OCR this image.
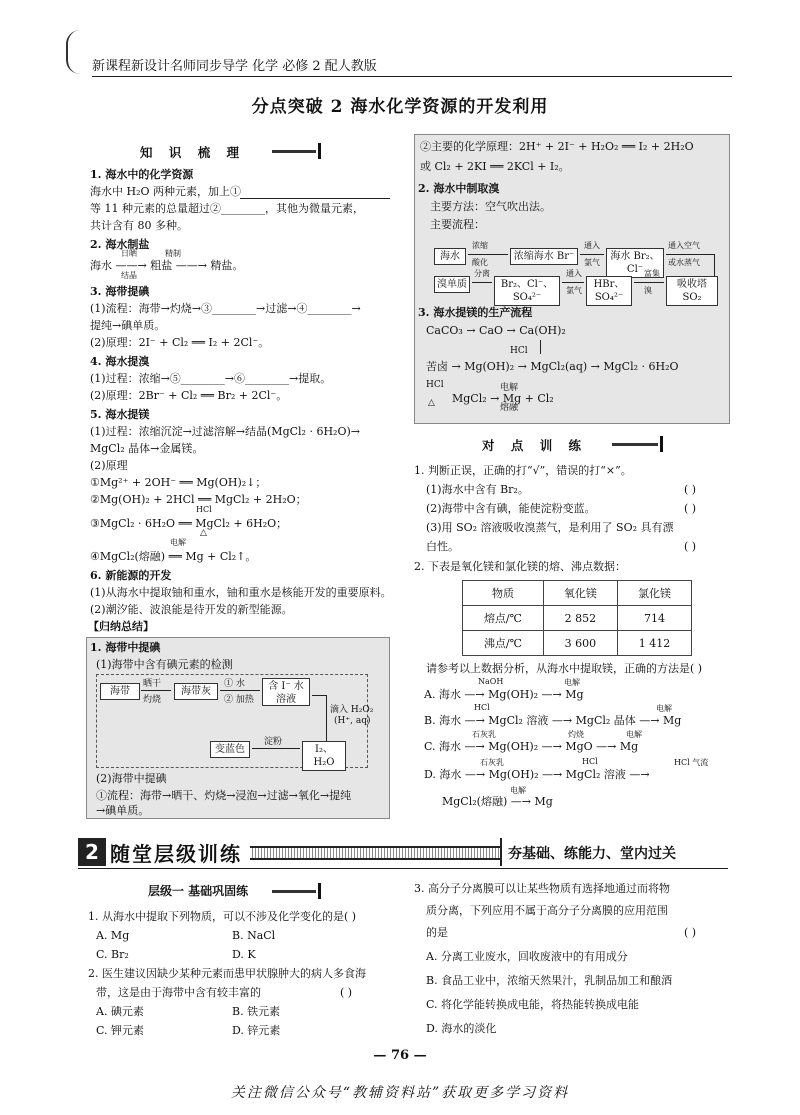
新课程新设计名师同步导学 化学 必修 2 配人教版
分点突破 2 海水化学资源的开发利用
知 识 梳 理
1. 海水中的化学资源
海水中 H₂O 两种元素，加上①
等 11 种元素的总量超过②________，其他为微量元素，
共计含有 80 多种。
2. 海水制盐
海水 ——→ 粗盐 ——→ 精盐。
日晒
结晶
精制
3. 海带提碘
(1)流程：海带→灼烧→③________→过滤→④________→
提纯→碘单质。
(2)原理：2I⁻ + Cl₂ ══ I₂ + 2Cl⁻。
4. 海水提溴
(1)过程：浓缩→⑤________→⑥________→提取。
(2)原理：2Br⁻ + Cl₂ ══ Br₂ + 2Cl⁻。
5. 海水提镁
(1)过程：浓缩沉淀→过滤溶解→结晶(MgCl₂ · 6H₂O)→
MgCl₂ 晶体→金属镁。
(2)原理
①Mg²⁺ + 2OH⁻ ══ Mg(OH)₂↓；
②Mg(OH)₂ + 2HCl ══ MgCl₂ + 2H₂O；
HCl
③MgCl₂ · 6H₂O ══ MgCl₂ + 6H₂O；
△
电解
④MgCl₂(熔融) ══ Mg + Cl₂↑。
6. 新能源的开发
(1)从海水中提取铀和重水，铀和重水是核能开发的重要原料。
(2)潮汐能、波浪能是待开发的新型能源。
【归纳总结】
1. 海带中提碘
(1)海带中含有碘元素的检测
海带
晒干
灼烧
海带灰
① 水
② 加热
含 I⁻ 水
溶液
滴入 H₂O₂
(H⁺, aq)
I₂、H₂O
淀粉
变蓝色
(2)海带中提碘
①流程：海带→晒干、灼烧→浸泡→过滤→氧化→提纯
→碘单质。
②主要的化学原理：2H⁺ + 2I⁻ + H₂O₂ ══ I₂ + 2H₂O
或 Cl₂ + 2KI ══ 2KCl + I₂。
2. 海水中制取溴
主要方法：空气吹出法。
主要流程：
海水
浓缩
酸化
浓缩海水 Br⁻
通入
氯气
海水 Br₂、Cl⁻
通入空气
或水蒸气
吸收塔 SO₂
富集
溴
HBr、SO₄²⁻
通入
氯气
Br₂、Cl⁻、SO₄²⁻
分离
溴单质
3. 海水提镁的生产流程
CaCO₃ → CaO → Ca(OH)₂
HCl
苦卤 → Mg(OH)₂ → MgCl₂(aq) → MgCl₂ · 6H₂O
HCl
△
电解
熔融
MgCl₂ → Mg + Cl₂
对 点 训 练
1. 判断正误，正确的打“√”，错误的打“×”。
(1)海水中含有 Br₂。	( )
(2)海带中含有碘，能使淀粉变蓝。	( )
(3)用 SO₂ 溶液吸收溴蒸气，是利用了 SO₂ 具有漂
白性。	( )
2. 下表是氧化镁和氯化镁的熔、沸点数据：
物质	氧化镁	氯化镁
熔点/℃	2 852	714
沸点/℃	3 600	1 412
请参考以上数据分析，从海水中提取镁，正确的方法是( )
NaOH	电解
A. 海水 —→ Mg(OH)₂ —→ Mg
HCl	电解
B. 海水 —→ MgCl₂ 溶液 —→ MgCl₂ 晶体 —→ Mg
石灰乳	灼烧	电解
C. 海水 —→ Mg(OH)₂ —→ MgO —→ Mg
石灰乳	HCl	HCl 气流
D. 海水 —→ Mg(OH)₂ —→ MgCl₂ 溶液 —→
电解
MgCl₂(熔融) —→ Mg
2 随堂层级训练	夯基础、练能力、堂内过关
层级一 基础巩固练
1. 从海水中提取下列物质，可以不涉及化学变化的是( )
A. Mg	B. NaCl
C. Br₂	D. K
2. 医生建议因缺少某种元素而患甲状腺肿大的病人多食海
带，这是由于海带中含有较丰富的	( )
A. 碘元素	B. 铁元素
C. 钾元素	D. 锌元素
3. 高分子分离膜可以让某些物质有选择地通过而将物
质分离，下列应用不属于高分子分离膜的应用范围
的是	( )
A. 分离工业废水，回收废液中的有用成分
B. 食品工业中，浓缩天然果汁，乳制品加工和酿酒
C. 将化学能转换成电能，将热能转换成电能
D. 海水的淡化
— 76 —
关注微信公众号“教辅资料站”获取更多学习资料
